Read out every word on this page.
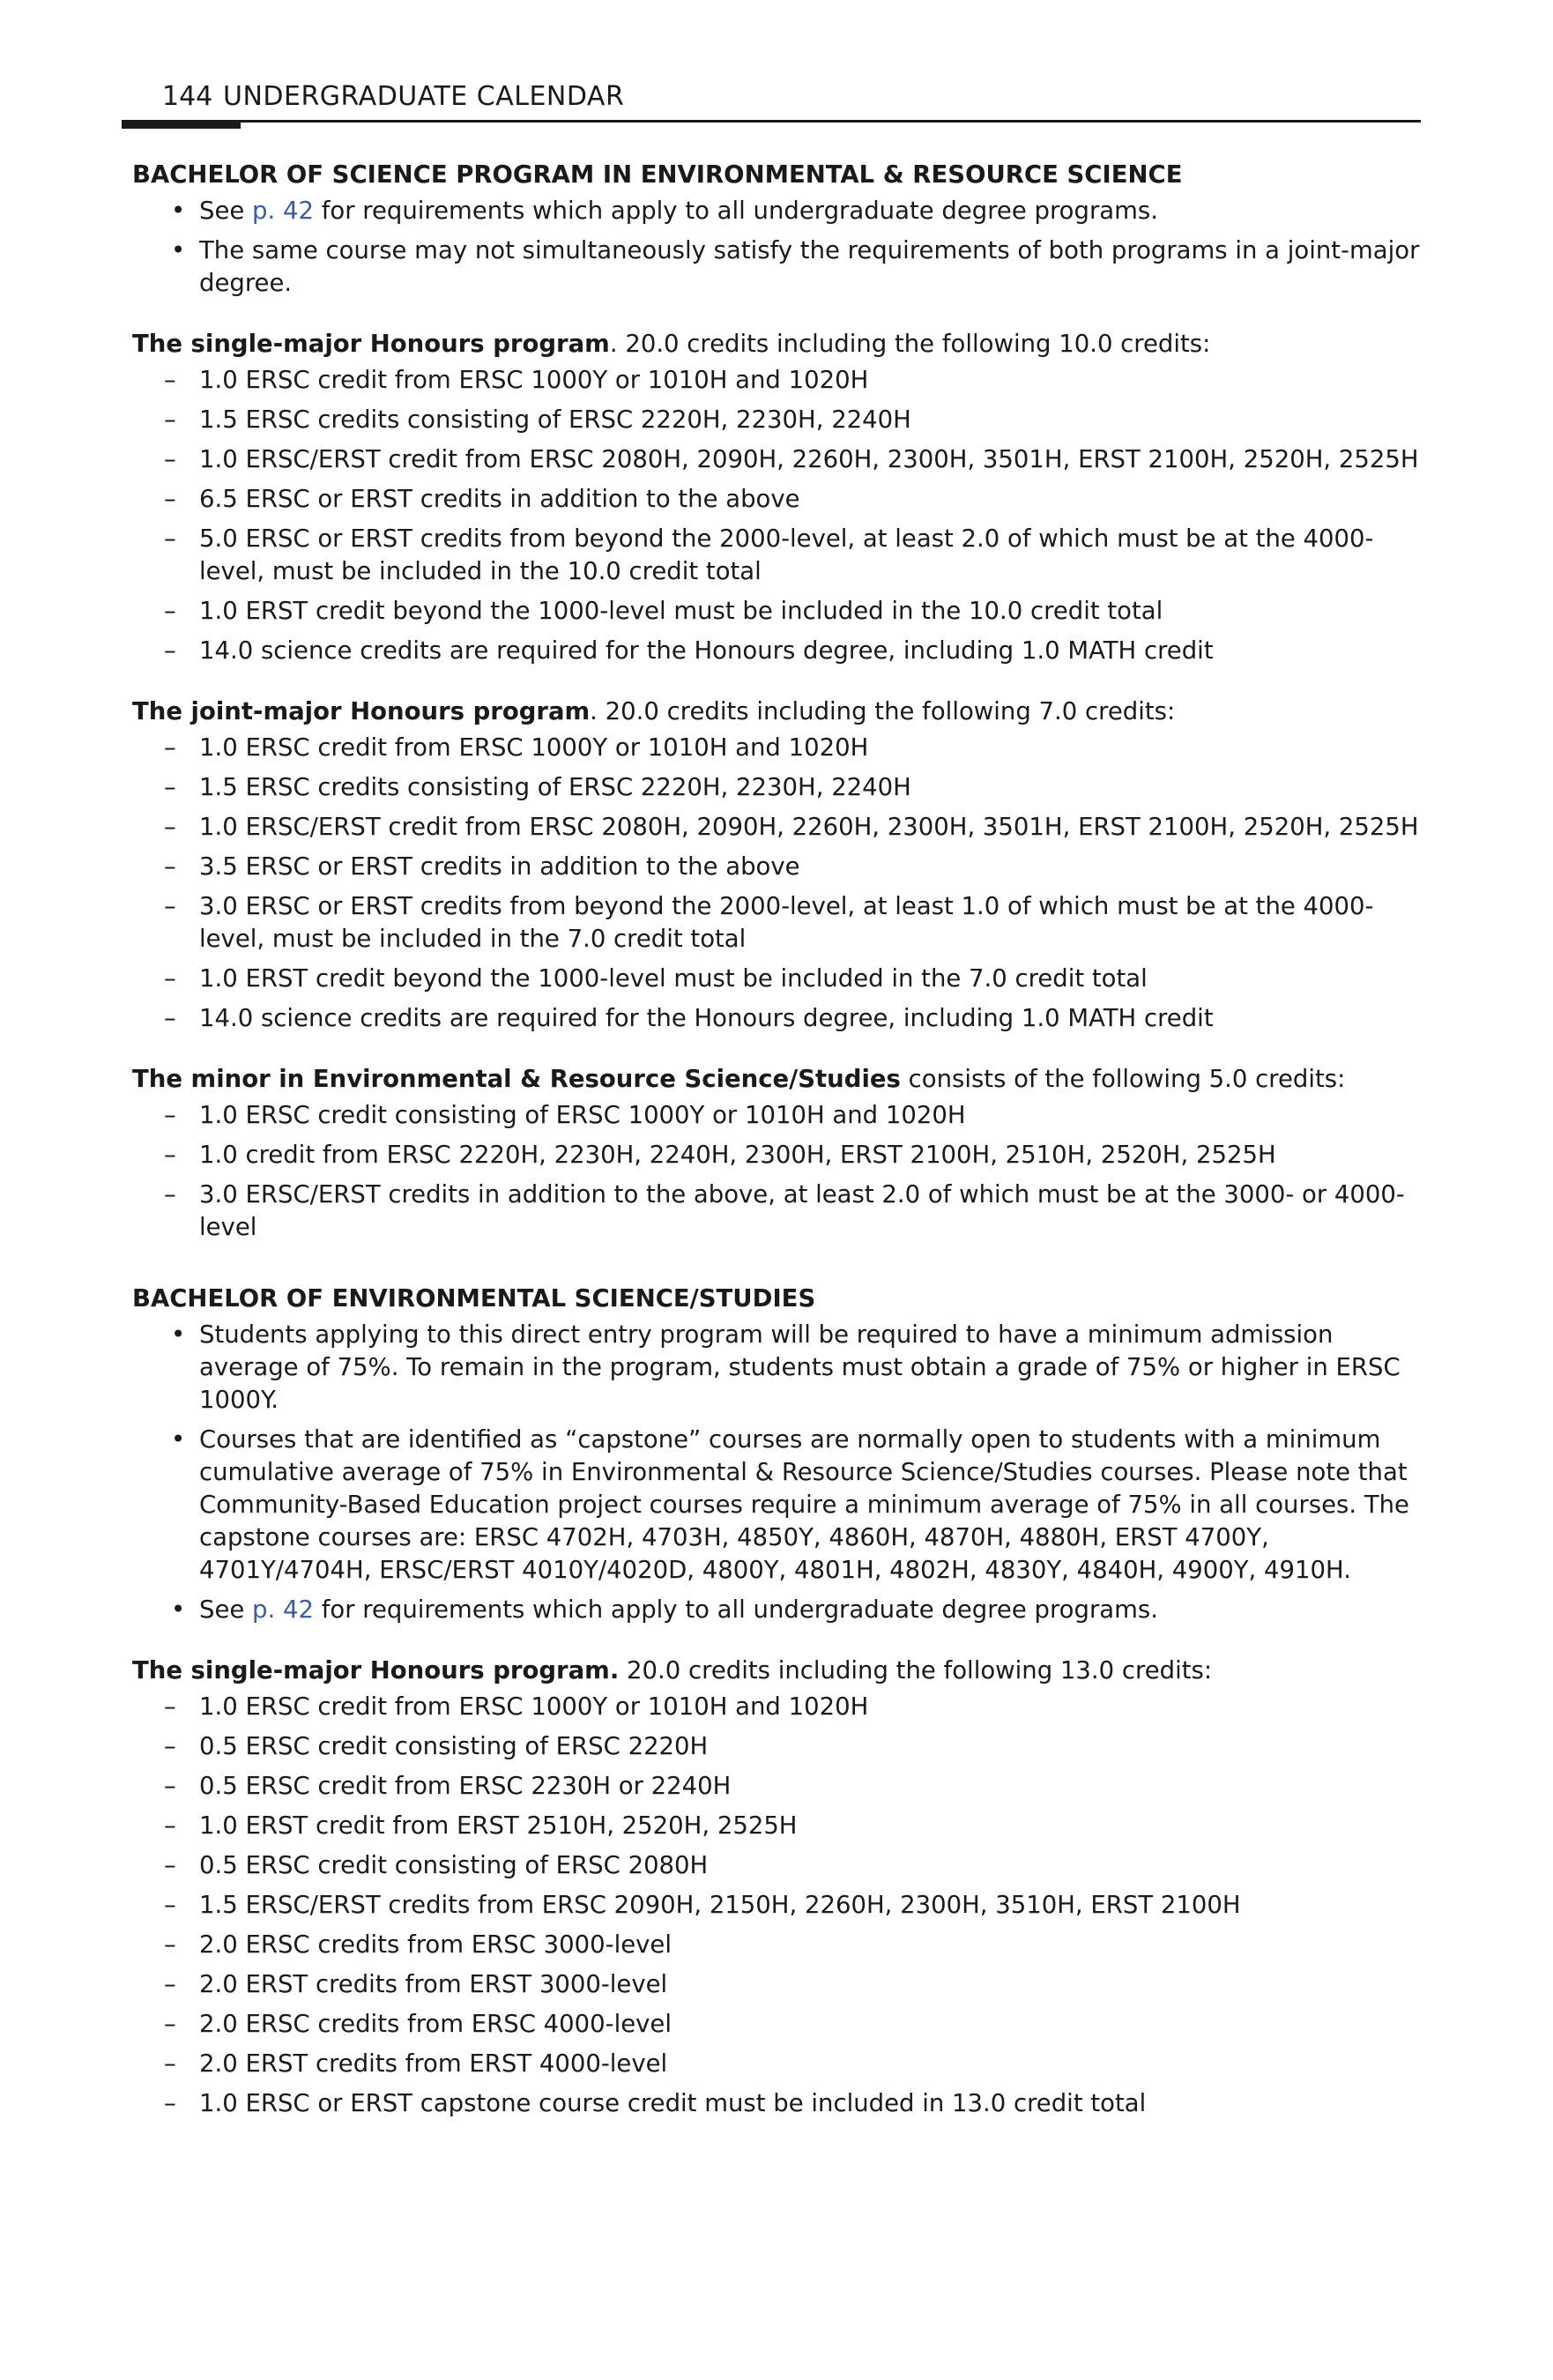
144 UNDERGRADUATE CALENDAR
BACHELOR OF SCIENCE PROGRAM IN ENVIRONMENTAL & RESOURCE SCIENCE
• See p. 42 for requirements which apply to all undergraduate degree programs.
• The same course may not simultaneously satisfy the requirements of both programs in a joint-major degree.

The single-major Honours program. 20.0 credits including the following 10.0 credits:

– 1.0 ERSC credit from ERSC 1000Y or 1010H and 1020H
– 1.5 ERSC credits consisting of ERSC 2220H, 2230H, 2240H
– 1.0 ERSC/ERST credit from ERSC 2080H, 2090H, 2260H, 2300H, 3501H, ERST 2100H, 2520H, 2525H
– 6.5 ERSC or ERST credits in addition to the above
– 5.0 ERSC or ERST credits from beyond the 2000-level, at least 2.0 of which must be at the 4000-level, must be included in the 10.0 credit total
– 1.0 ERST credit beyond the 1000-level must be included in the 10.0 credit total
– 14.0 science credits are required for the Honours degree, including 1.0 MATH credit

The joint-major Honours program. 20.0 credits including the following 7.0 credits:

– 1.0 ERSC credit from ERSC 1000Y or 1010H and 1020H
– 1.5 ERSC credits consisting of ERSC 2220H, 2230H, 2240H
– 1.0 ERSC/ERST credit from ERSC 2080H, 2090H, 2260H, 2300H, 3501H, ERST 2100H, 2520H, 2525H
– 3.5 ERSC or ERST credits in addition to the above
– 3.0 ERSC or ERST credits from beyond the 2000-level, at least 1.0 of which must be at the 4000-level, must be included in the 7.0 credit total
– 1.0 ERST credit beyond the 1000-level must be included in the 7.0 credit total
– 14.0 science credits are required for the Honours degree, including 1.0 MATH credit

The minor in Environmental & Resource Science/Studies consists of the following 5.0 credits:

– 1.0 ERSC credit consisting of ERSC 1000Y or 1010H and 1020H
– 1.0 credit from ERSC 2220H, 2230H, 2240H, 2300H, ERST 2100H, 2510H, 2520H, 2525H
– 3.0 ERSC/ERST credits in addition to the above, at least 2.0 of which must be at the 3000- or 4000-level
BACHELOR OF ENVIRONMENTAL SCIENCE/STUDIES
• Students applying to this direct entry program will be required to have a minimum admission average of 75%. To remain in the program, students must obtain a grade of 75% or higher in ERSC 1000Y.
• Courses that are identified as “capstone” courses are normally open to students with a minimum cumulative average of 75% in Environmental & Resource Science/Studies courses. Please note that Community-Based Education project courses require a minimum average of 75% in all courses. The capstone courses are: ERSC 4702H, 4703H, 4850Y, 4860H, 4870H, 4880H, ERST 4700Y, 4701Y/4704H, ERSC/ERST 4010Y/4020D, 4800Y, 4801H, 4802H, 4830Y, 4840H, 4900Y, 4910H.
• See p. 42 for requirements which apply to all undergraduate degree programs.

The single-major Honours program. 20.0 credits including the following 13.0 credits:

– 1.0 ERSC credit from ERSC 1000Y or 1010H and 1020H
– 0.5 ERSC credit consisting of ERSC 2220H
– 0.5 ERSC credit from ERSC 2230H or 2240H
– 1.0 ERST credit from ERST 2510H, 2520H, 2525H
– 0.5 ERSC credit consisting of ERSC 2080H
– 1.5 ERSC/ERST credits from ERSC 2090H, 2150H, 2260H, 2300H, 3510H, ERST 2100H
– 2.0 ERSC credits from ERSC 3000-level
– 2.0 ERST credits from ERST 3000-level
– 2.0 ERSC credits from ERSC 4000-level
– 2.0 ERST credits from ERST 4000-level
– 1.0 ERSC or ERST capstone course credit must be included in 13.0 credit total
